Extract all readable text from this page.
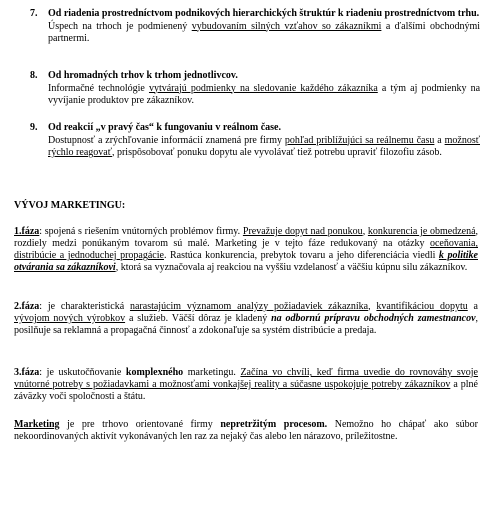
7.	Od riadenia prostredníctvom podnikových hierarchických štruktúr k riadeniu prostredníctvom trhu.
Úspech na trhoch je podmienený vybudovaním silných vzťahov so zákazníkmi a ďalšími obchodnými partnermi.
8.	Od hromadných trhov k trhom jednotlivcov.
Informačné technológie vytvárajú podmienky na sledovanie každého zákazníka a tým aj podmienky na vyvíjanie produktov pre zákazníkov.
9.	Od reakcií „v pravý čas“ k fungovaniu v reálnom čase.
Dostupnosť a zrýchľovanie informácií znamená pre firmy pohľad priblížujúci sa reálnemu času a možnosť rýchlo reagovať, prispôsobovať ponuku dopytu ale vyvolávať tiež potrebu upraviť filozofiu zásob.
VÝVOJ MARKETINGU:
1.fáza: spojená s riešením vnútorných problémov firmy. Prevažuje dopyt nad ponukou, konkurencia je obmedzená, rozdiely medzi ponúkaným tovarom sú malé. Marketing je v tejto fáze redukovaný na otázky oceňovania, distribúcie a jednoduchej propagácie. Rastúca konkurencia, prebytok tovaru a jeho diferenciácia viedli k politike otvárania sa zákazníkovi, ktorá sa vyznačovala aj reakciou na vyššiu vzdelanosť a väčšiu kúpnu silu zákazníkov.
2.fáza: je charakteristická narastajúcim významom analýzy požiadaviek zákazníka, kvantifikáciou dopytu a vývojom nových výrobkov a služieb. Väčší dôraz je kladený na odbornú prípravu obchodných zamestnancov, posilňuje sa reklamná a propagačná činnosť a zdokonaľuje sa systém distribúcie a predaja.
3.fáza: je uskutočňovanie komplexného marketingu. Začína vo chvíli, keď firma uvedie do rovnováhy svoje vnútorné potreby s požiadavkami a možnosťami vonkajšej reality a súčasne uspokojuje potreby zákazníkov a plné záväzky voči spoločnosti a štátu.
Marketing je pre trhovo orientované firmy nepretržitým procesom. Nemožno ho chápať ako súbor nekoordinovaných aktivít vykonávaných len raz za nejaký čas alebo len nárazovo, príležitostne.
